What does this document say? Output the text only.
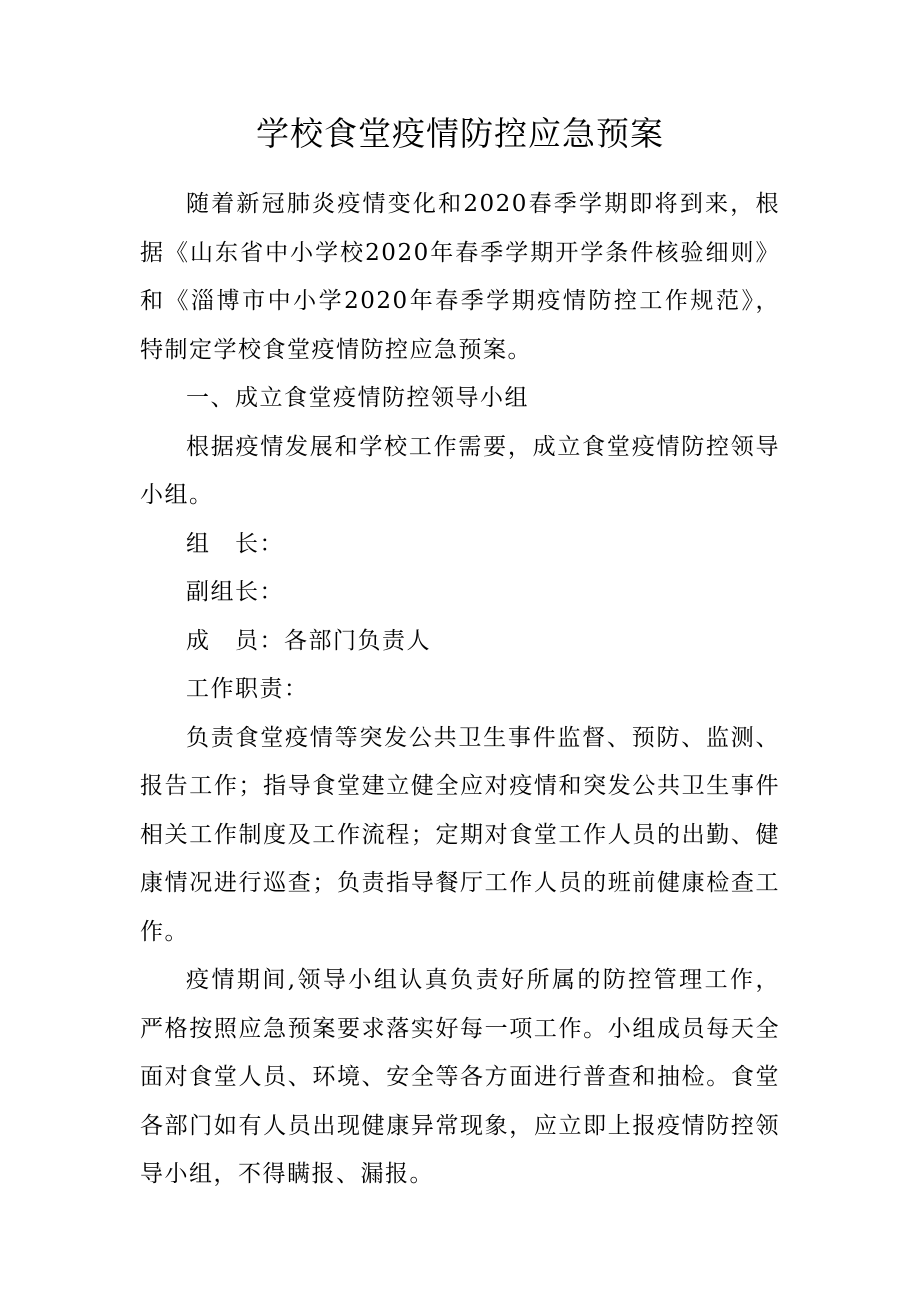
学校食堂疫情防控应急预案

随着新冠肺炎疫情变化和2020春季学期即将到来，根据《山东省中小学校2020年春季学期开学条件核验细则》和《淄博市中小学2020年春季学期疫情防控工作规范》，特制定学校食堂疫情防控应急预案。

一、成立食堂疫情防控领导小组

根据疫情发展和学校工作需要，成立食堂疫情防控领导小组。

组　长：

副组长：

成　员：各部门负责人

工作职责：

负责食堂疫情等突发公共卫生事件监督、预防、监测、报告工作；指导食堂建立健全应对疫情和突发公共卫生事件相关工作制度及工作流程；定期对食堂工作人员的出勤、健康情况进行巡查；负责指导餐厅工作人员的班前健康检查工作。

疫情期间,领导小组认真负责好所属的防控管理工作，严格按照应急预案要求落实好每一项工作。小组成员每天全面对食堂人员、环境、安全等各方面进行普查和抽检。食堂各部门如有人员出现健康异常现象，应立即上报疫情防控领导小组，不得瞒报、漏报。
